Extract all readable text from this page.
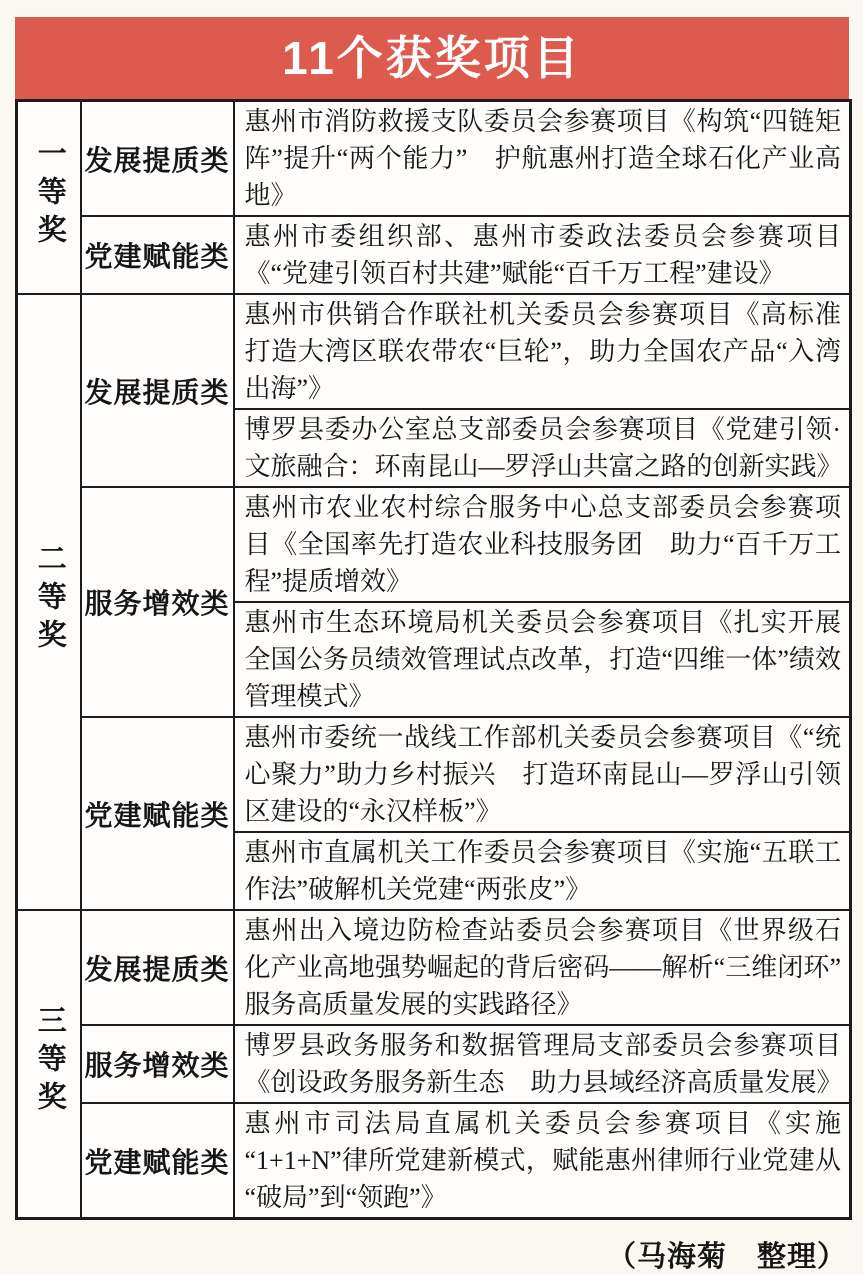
11个获奖项目
一等奖	发展提质类	惠州市消防救援支队委员会参赛项目《构筑“四链矩阵”提升“两个能力”　护航惠州打造全球石化产业高地》
	党建赋能类	惠州市委组织部、惠州市委政法委员会参赛项目《“党建引领百村共建”赋能“百千万工程”建设》
二等奖	发展提质类	惠州市供销合作联社机关委员会参赛项目《高标准打造大湾区联农带农“巨轮”，助力全国农产品“入湾出海”》
		博罗县委办公室总支部委员会参赛项目《党建引领·文旅融合：环南昆山—罗浮山共富之路的创新实践》
	服务增效类	惠州市农业农村综合服务中心总支部委员会参赛项目《全国率先打造农业科技服务团　助力“百千万工程”提质增效》
		惠州市生态环境局机关委员会参赛项目《扎实开展全国公务员绩效管理试点改革，打造“四维一体”绩效管理模式》
	党建赋能类	惠州市委统一战线工作部机关委员会参赛项目《“统心聚力”助力乡村振兴　打造环南昆山—罗浮山引领区建设的“永汉样板”》
		惠州市直属机关工作委员会参赛项目《实施“五联工作法”破解机关党建“两张皮”》
三等奖	发展提质类	惠州出入境边防检查站委员会参赛项目《世界级石化产业高地强势崛起的背后密码——解析“三维闭环”服务高质量发展的实践路径》
	服务增效类	博罗县政务服务和数据管理局支部委员会参赛项目《创设政务服务新生态　助力县域经济高质量发展》
	党建赋能类	惠州市司法局直属机关委员会参赛项目《实施“1+1+N”律所党建新模式，赋能惠州律师行业党建从“破局”到“领跑”》
（马海菊　整理）
